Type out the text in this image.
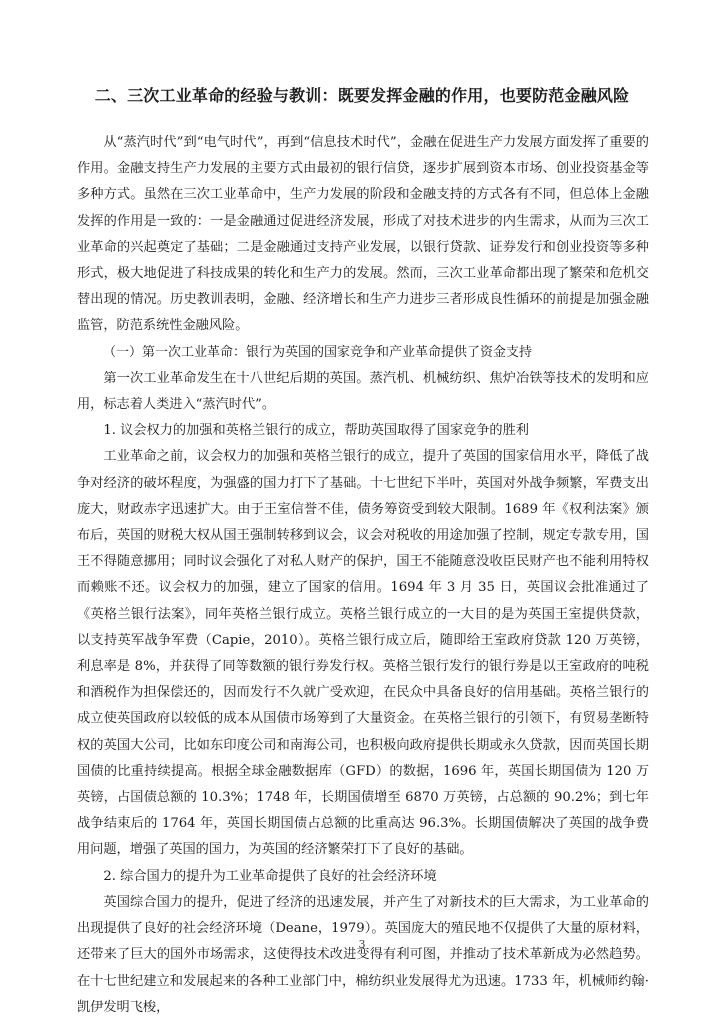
二、三次工业革命的经验与教训：既要发挥金融的作用，也要防范金融风险

从“蒸汽时代”到“电气时代”，再到“信息技术时代”，金融在促进生产力发展方面发挥了重要的作用。金融支持生产力发展的主要方式由最初的银行信贷，逐步扩展到资本市场、创业投资基金等多种方式。虽然在三次工业革命中，生产力发展的阶段和金融支持的方式各有不同，但总体上金融发挥的作用是一致的：一是金融通过促进经济发展，形成了对技术进步的内生需求，从而为三次工业革命的兴起奠定了基础；二是金融通过支持产业发展，以银行贷款、证券发行和创业投资等多种形式，极大地促进了科技成果的转化和生产力的发展。然而，三次工业革命都出现了繁荣和危机交替出现的情况。历史教训表明，金融、经济增长和生产力进步三者形成良性循环的前提是加强金融监管，防范系统性金融风险。

（一）第一次工业革命：银行为英国的国家竞争和产业革命提供了资金支持

第一次工业革命发生在十八世纪后期的英国。蒸汽机、机械纺织、焦炉冶铁等技术的发明和应用，标志着人类进入“蒸汽时代”。

1. 议会权力的加强和英格兰银行的成立，帮助英国取得了国家竞争的胜利

工业革命之前，议会权力的加强和英格兰银行的成立，提升了英国的国家信用水平，降低了战争对经济的破坏程度，为强盛的国力打下了基础。十七世纪下半叶，英国对外战争频繁，军费支出庞大，财政赤字迅速扩大。由于王室信誉不佳，债务筹资受到较大限制。1689 年《权利法案》颁布后，英国的财税大权从国王强制转移到议会，议会对税收的用途加强了控制，规定专款专用，国王不得随意挪用；同时议会强化了对私人财产的保护，国王不能随意没收臣民财产也不能利用特权而赖账不还。议会权力的加强，建立了国家的信用。1694 年 3 月 35 日，英国议会批准通过了《英格兰银行法案》，同年英格兰银行成立。英格兰银行成立的一大目的是为英国王室提供贷款，以支持英军战争军费（Capie，2010）。英格兰银行成立后，随即给王室政府贷款 120 万英镑，利息率是 8%，并获得了同等数额的银行券发行权。英格兰银行发行的银行券是以王室政府的吨税和酒税作为担保偿还的，因而发行不久就广受欢迎，在民众中具备良好的信用基础。英格兰银行的成立使英国政府以较低的成本从国债市场筹到了大量资金。在英格兰银行的引领下，有贸易垄断特权的英国大公司，比如东印度公司和南海公司，也积极向政府提供长期或永久贷款，因而英国长期国债的比重持续提高。根据全球金融数据库（GFD）的数据，1696 年，英国长期国债为 120 万英镑，占国债总额的 10.3%；1748 年，长期国债增至 6870 万英镑，占总额的 90.2%；到七年战争结束后的 1764 年，英国长期国债占总额的比重高达 96.3%。长期国债解决了英国的战争费用问题，增强了英国的国力，为英国的经济繁荣打下了良好的基础。

2. 综合国力的提升为工业革命提供了良好的社会经济环境

英国综合国力的提升，促进了经济的迅速发展，并产生了对新技术的巨大需求，为工业革命的出现提供了良好的社会经济环境（Deane，1979）。英国庞大的殖民地不仅提供了大量的原材料，还带来了巨大的国外市场需求，这使得技术改进变得有利可图，并推动了技术革新成为必然趋势。在十七世纪建立和发展起来的各种工业部门中，棉纺织业发展得尤为迅速。1733 年，机械师约翰·凯伊发明飞梭，

3
